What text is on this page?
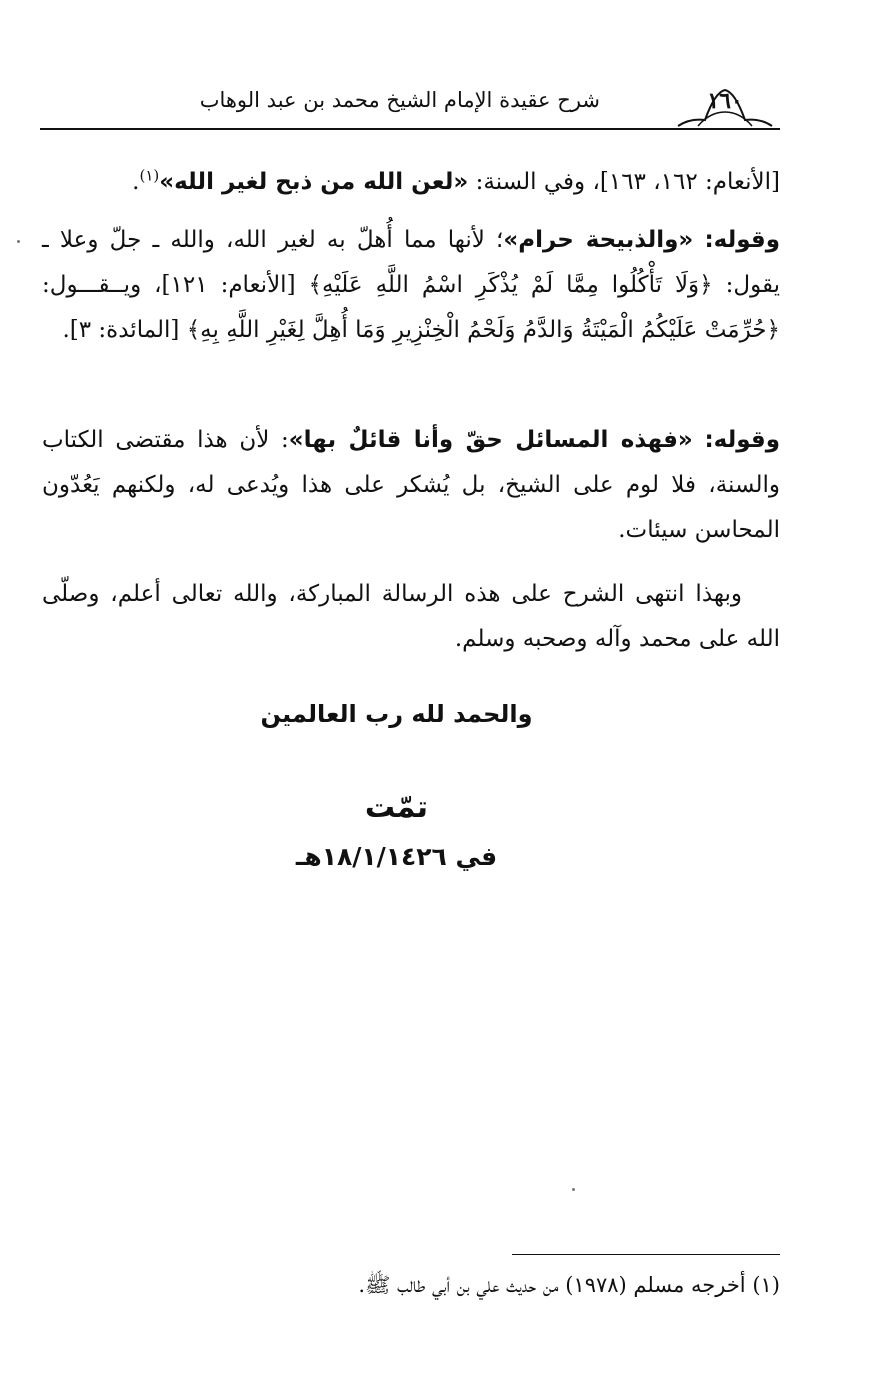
شرح عقيدة الإمام الشيخ محمد بن عبد الوهاب	١٦٠
[الأنعام: ١٦٢، ١٦٣]، وفي السنة: «لعن الله من ذبح لغير الله»$^{(١)}$.
وقوله: «والذبيحة حرام»؛ لأنها مما أُهلّ به لغير الله، والله ـ جلّ وعلا ـ يقول: ﴿وَلَا تَأْكُلُوا مِمَّا لَمْ يُذْكَرِ اسْمُ اللَّهِ عَلَيْهِ﴾ [الأنعام: ١٢١]، ويــقـــول: ﴿حُرِّمَتْ عَلَيْكُمُ الْمَيْتَةُ وَالدَّمُ وَلَحْمُ الْخِنْزِيرِ وَمَا أُهِلَّ لِغَيْرِ اللَّهِ بِهِ﴾ [المائدة: ٣].
وقوله: «فهذه المسائل حقّ وأنا قائلٌ بها»: لأن هذا مقتضى الكتاب والسنة، فلا لوم على الشيخ، بل يُشكر على هذا ويُدعى له، ولكنهم يَعُدّون المحاسن سيئات.
وبهذا انتهى الشرح على هذه الرسالة المباركة، والله تعالى أعلم، وصلّى الله على محمد وآله وصحبه وسلم.
والحمد لله رب العالمين
تمّت
في ١٨/١/١٤٢٦هـ
(١) أخرجه مسلم (١٩٧٨) من حديث علي بن أبي طالب ﷺ.
